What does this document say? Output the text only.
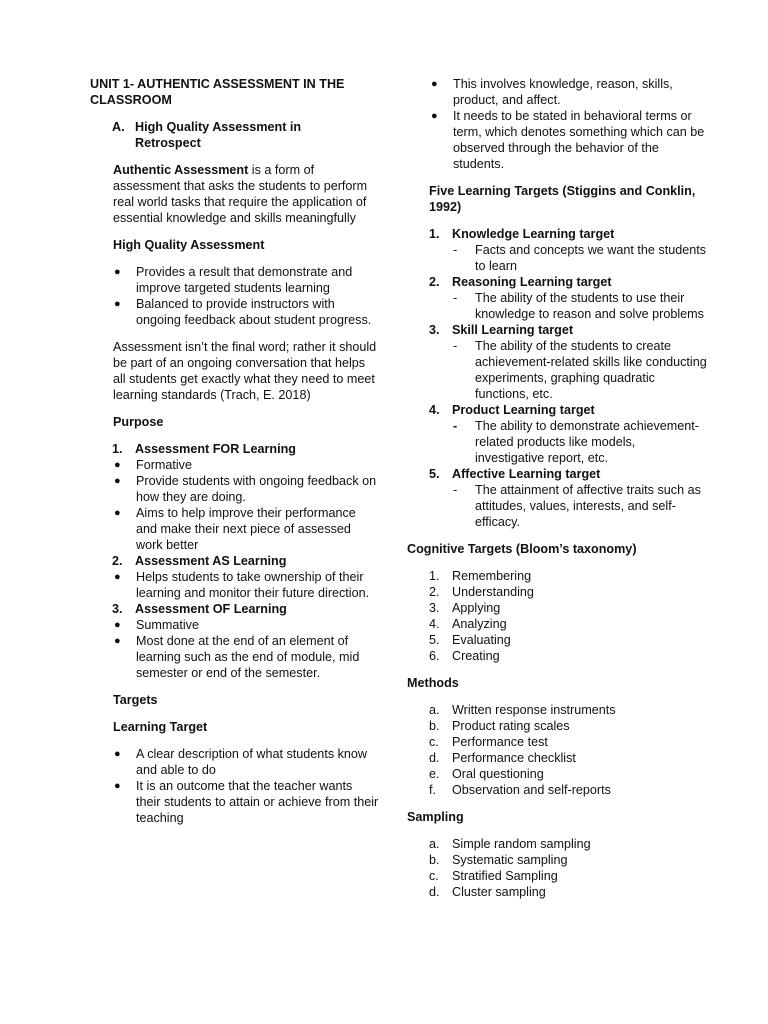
UNIT 1- AUTHENTIC ASSESSMENT IN THE CLASSROOM

A. High Quality Assessment in Retrospect

Authentic Assessment is a form of assessment that asks the students to perform real world tasks that require the application of essential knowledge and skills meaningfully

High Quality Assessment

● Provides a result that demonstrate and improve targeted students learning
● Balanced to provide instructors with ongoing feedback about student progress.

Assessment isn’t the final word; rather it should be part of an ongoing conversation that helps all students get exactly what they need to meet learning standards (Trach, E. 2018)

Purpose

1. Assessment FOR Learning
● Formative
● Provide students with ongoing feedback on how they are doing.
● Aims to help improve their performance and make their next piece of assessed work better
2. Assessment AS Learning
● Helps students to take ownership of their learning and monitor their future direction.
3. Assessment OF Learning
● Summative
● Most done at the end of an element of learning such as the end of module, mid semester or end of the semester.

Targets

Learning Target

● A clear description of what students know and able to do
● It is an outcome that the teacher wants their students to attain or achieve from their teaching
● This involves knowledge, reason, skills, product, and affect.
● It needs to be stated in behavioral terms or term, which denotes something which can be observed through the behavior of the students.

Five Learning Targets (Stiggins and Conklin, 1992)

1. Knowledge Learning target
- Facts and concepts we want the students to learn
2. Reasoning Learning target
- The ability of the students to use their knowledge to reason and solve problems
3. Skill Learning target
- The ability of the students to create achievement-related skills like conducting experiments, graphing quadratic functions, etc.
4. Product Learning target
- The ability to demonstrate achievement-related products like models, investigative report, etc.
5. Affective Learning target
- The attainment of affective traits such as attitudes, values, interests, and self-efficacy.

Cognitive Targets (Bloom’s taxonomy)

1. Remembering
2. Understanding
3. Applying
4. Analyzing
5. Evaluating
6. Creating

Methods

a. Written response instruments
b. Product rating scales
c. Performance test
d. Performance checklist
e. Oral questioning
f. Observation and self-reports

Sampling

a. Simple random sampling
b. Systematic sampling
c. Stratified Sampling
d. Cluster sampling
